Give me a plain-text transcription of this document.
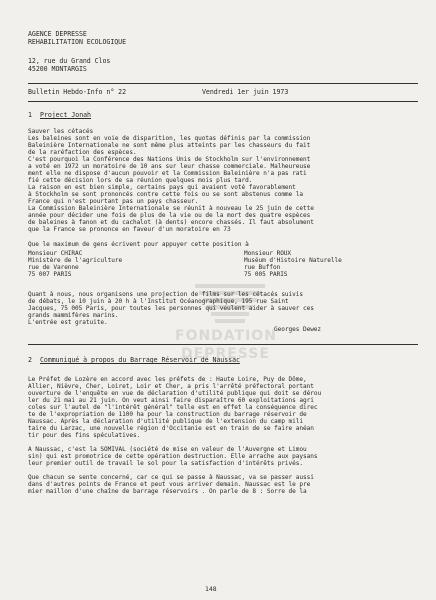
AGENCE DEPRESSE
REHABILITATION ECOLOGIQUE
12, rue du Grand Clos
45200 MONTARGIS
Bulletin Hebdo-Info n° 22	Vendredi 1er juin 1973
1 Project Jonah
Sauver les cétacés
Les baleines sont en voie de disparition, les quotas définis par la commission
Baleinière Internationale ne sont même plus atteints par les chasseurs du fait
de la raréfaction des espèces.
C'est pourquoi la Conférence des Nations Unis de Stockholm sur l'environnement
a voté en 1972 un moratoire de 10 ans sur leur chasse commerciale. Malheureuse
ment elle ne dispose d'aucun pouvoir et la Commission Baleinière n'a pas rati
fié cette décision lors de sa réunion quelques mois plus tard.
La raison en est bien simple, certains pays qui avaient voté favorablement
à Stockholm se sont prononcés contre cette fois ou se sont abstenus comme la
France qui n'est pourtant pas un pays chasseur.
La Commission Baleinière Internationale se réunit à nouveau le 25 juin de cette
année pour décider une fois de plus de la vie ou de la mort des quatre espèces
de baleines à fanon et du cachalot (à dents) encore chassés. Il faut absolument
que la France se prononce en faveur d'un moratoire en 73
Que le maximum de gens écrivent pour appuyer cette position à
Monsieur CHIRAC
Ministère de l'agriculture
rue de Varenne
75 007 PARIS
Monsieur ROUX
Muséum d'Histoire Naturelle
rue Buffon
75 005 PARIS
Quant à nous, nous organisons une projection de films sur les cétacés suivis
de débats, le 10 juin à 20 h à l'Institut Océanographique, 195 rue Saint
Jacques, 75 005 Paris, pour toutes les personnes qui veulent aider à sauver ces
grands mammifères marins.
L'entrée est gratuite.
Georges Dewez
2 Communiqué à propos du Barrage Réservoir de Naussac
Le Préfet de Lozère en accord avec les préfets de : Haute Loire, Puy de Dôme,
Allier, Nièvre, Cher, Loiret, Loir et Cher, a pris l'arrêté préfectoral portant
ouverture de l'enquête en vue de déclaration d'utilité publique qui doit se dérou
ler du 21 mai au 21 juin. On veut ainsi faire disparaître 60 exploitations agri
coles sur l'autel de "l'intérêt général" telle est en effet la conséquence direc
te de l'expropriation de 1100 ha pour la construction du barrage réservoir de
Naussac. Après la déclaration d'utilité publique de l'extension du camp mili
taire du Larzac, une nouvelle région d'Occitanie est en train de se faire anéan
tir pour des fins spéculatives.
A Naussac, c'est la SOMIVAL (société de mise en valeur de l'Auvergne et Limou
sin) qui est promotrice de cette opération destruction. Elle arrache aux paysans
leur premier outil de travail le sol pour la satisfaction d'intérêts privés.
Que chacun se sente concerné, car ce qui se passe à Naussac, va se passer aussi
dans d'autres points de France et peut vous arriver demain. Naussac est le pre
mier maillon d'une chaîne de barrage réservoirs . On parle de 8 : Sorre de la
FONDATION
DEPRESSE
148
